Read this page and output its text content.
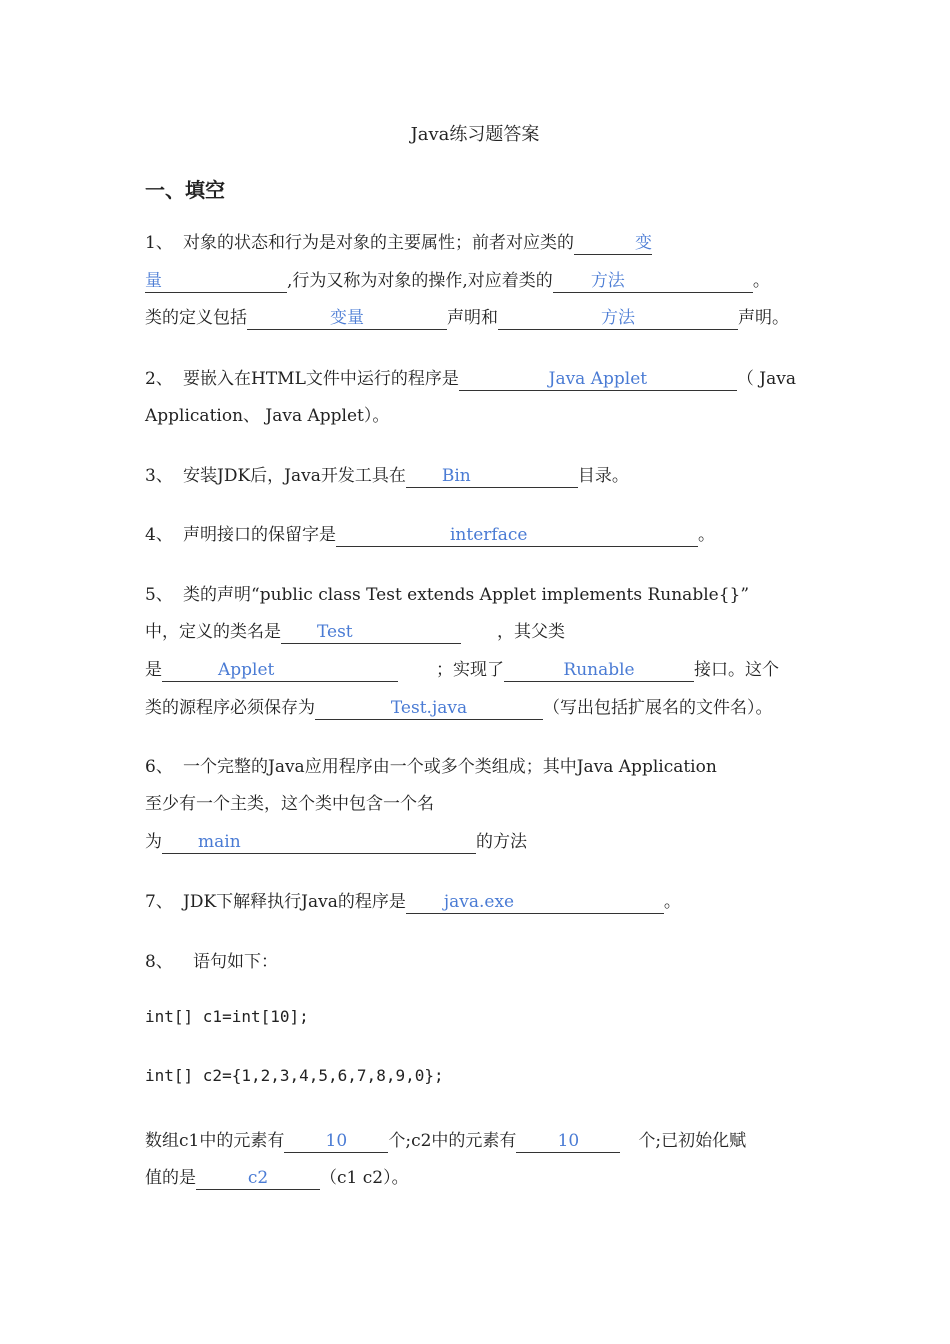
Java练习题答案
一、填空
1、 对象的状态和行为是对象的主要属性；前者对应类的	变
量	,行为又称为对象的操作,对应着类的 方法	。
类的定义包括	变量	声明和	方法	声明。
2、 要嵌入在HTML文件中运行的程序是	Java Applet	（ Java
Application、 Java Applet）。
3、 安装JDK后，Java开发工具在 Bin	目录。
4、 声明接口的保留字是	interface	。
5、 类的声明“public class Test extends Applet implements Runable{}”
中，定义的类名是 Test	，其父类
是	Applet	；实现了	Runable	接口。这个
类的源程序必须保存为	Test.java	（写出包括扩展名的文件名）。
6、 一个完整的Java应用程序由一个或多个类组成；其中Java Application
至少有一个主类，这个类中包含一个名
为 main	的方法
7、 JDK下解释执行Java的程序是 java.exe	。
8、 语句如下：
int[] c1=int[10];
int[] c2={1,2,3,4,5,6,7,8,9,0};
数组c1中的元素有 10 个;c2中的元素有 10	个;已初始化赋
值的是	c2	（c1 c2）。
